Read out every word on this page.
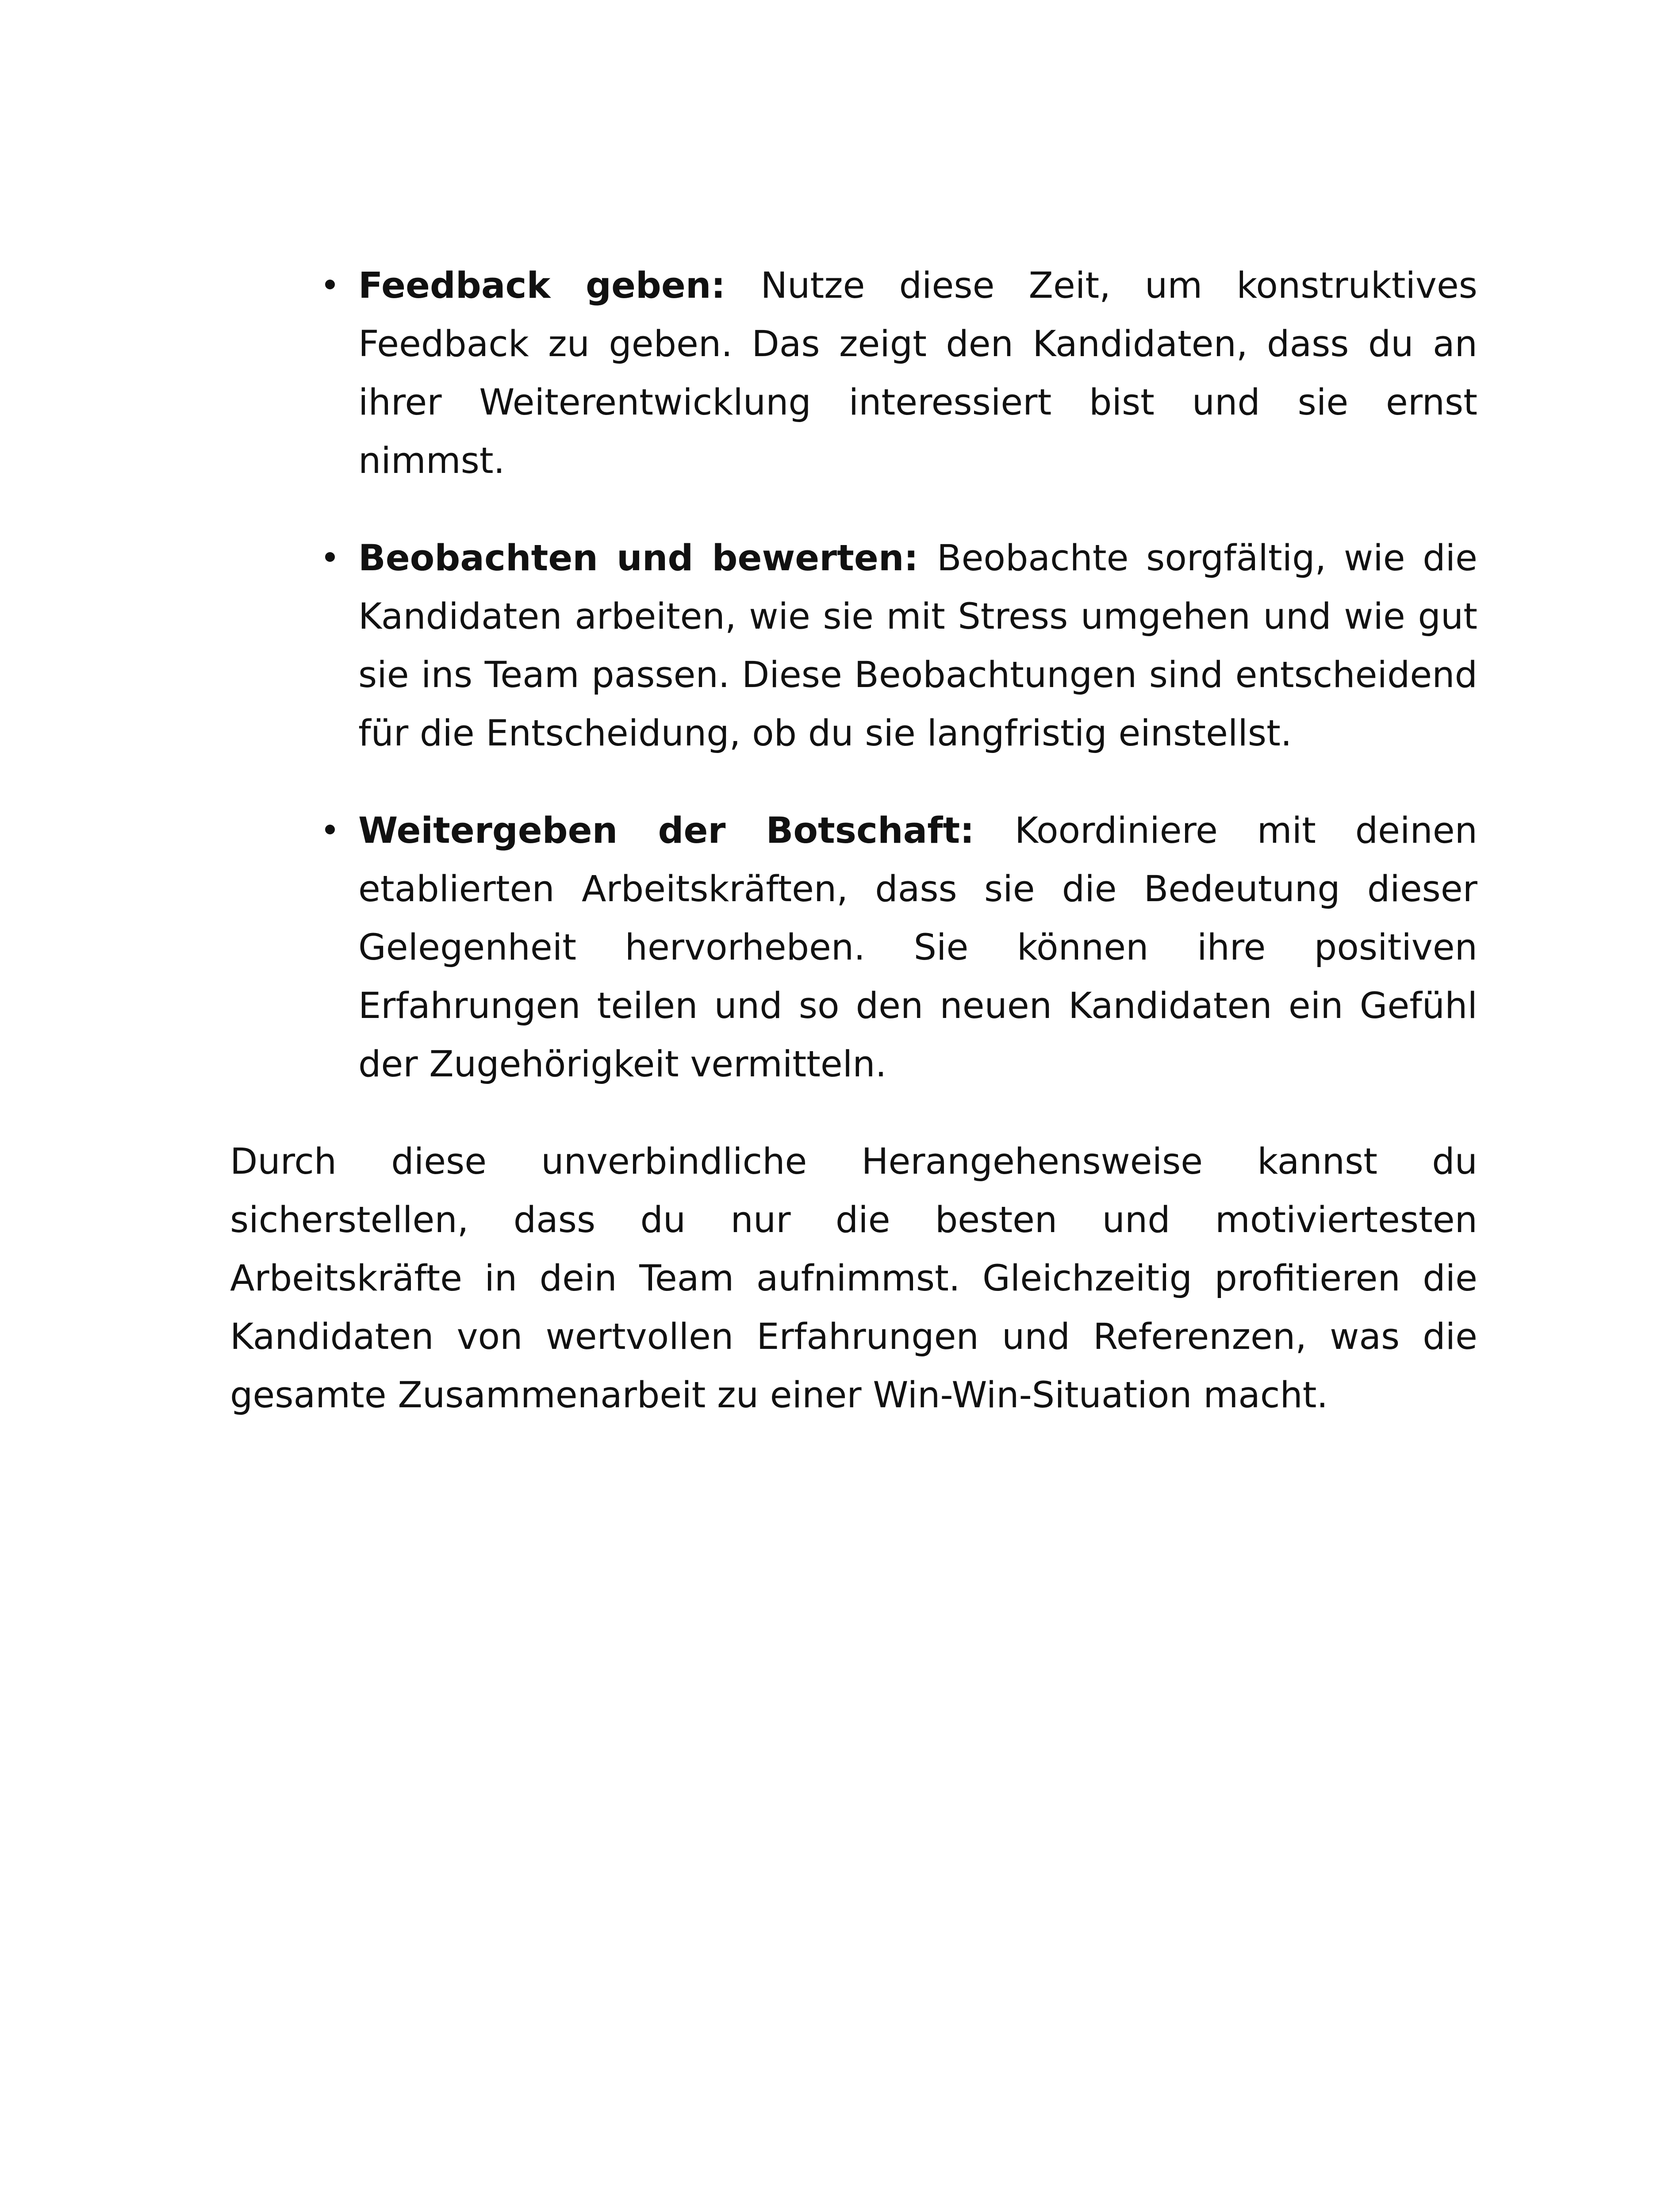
Feedback geben: Nutze diese Zeit, um konstruktives Feedback zu geben. Das zeigt den Kandidaten, dass du an ihrer Weiterentwicklung interessiert bist und sie ernst nimmst.
Beobachten und bewerten: Beobachte sorgfältig, wie die Kandidaten arbeiten, wie sie mit Stress umgehen und wie gut sie ins Team passen. Diese Beobachtungen sind entscheidend für die Entscheidung, ob du sie langfristig einstellst.
Weitergeben der Botschaft: Koordiniere mit deinen etablierten Arbeitskräften, dass sie die Bedeutung dieser Gelegenheit hervorheben. Sie können ihre positiven Erfahrungen teilen und so den neuen Kandidaten ein Gefühl der Zugehörigkeit vermitteln.

Durch diese unverbindliche Herangehensweise kannst du sicherstellen, dass du nur die besten und motiviertesten Arbeitskräfte in dein Team aufnimmst. Gleichzeitig profitieren die Kandidaten von wertvollen Erfahrungen und Referenzen, was die gesamte Zusammenarbeit zu einer Win-Win-Situation macht.
